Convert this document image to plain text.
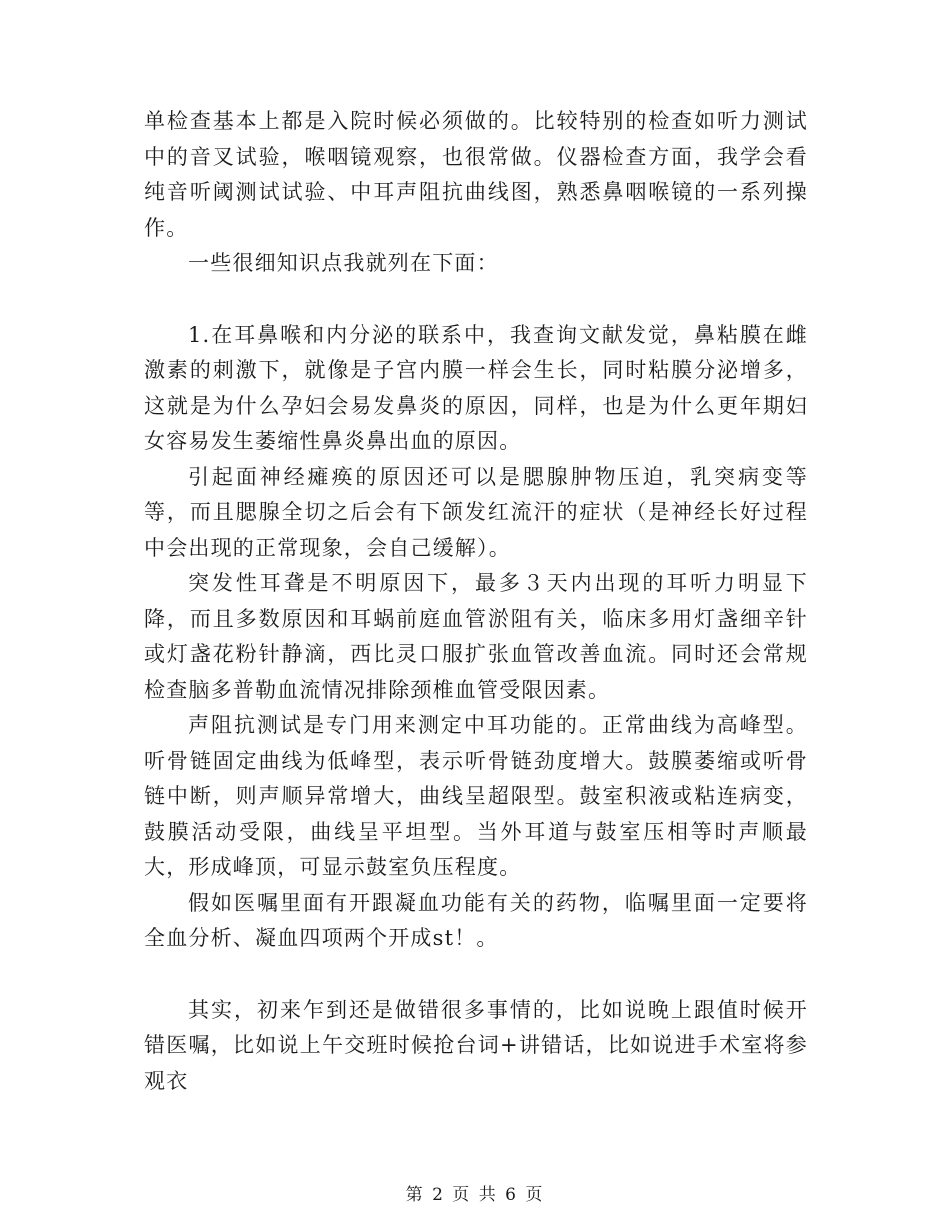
单检查基本上都是入院时候必须做的。比较特别的检查如听力测试中的音叉试验，喉咽镜观察，也很常做。仪器检查方面，我学会看纯音听阈测试试验、中耳声阻抗曲线图，熟悉鼻咽喉镜的一系列操作。

一些很细知识点我就列在下面：

1.在耳鼻喉和内分泌的联系中，我查询文献发觉，鼻粘膜在雌激素的刺激下，就像是子宫内膜一样会生长，同时粘膜分泌增多，这就是为什么孕妇会易发鼻炎的原因，同样，也是为什么更年期妇女容易发生萎缩性鼻炎鼻出血的原因。

引起面神经瘫痪的原因还可以是腮腺肿物压迫，乳突病变等等，而且腮腺全切之后会有下颌发红流汗的症状（是神经长好过程中会出现的正常现象，会自己缓解）。

突发性耳聋是不明原因下，最多３天内出现的耳听力明显下降，而且多数原因和耳蜗前庭血管淤阻有关，临床多用灯盏细辛针或灯盏花粉针静滴，西比灵口服扩张血管改善血流。同时还会常规检查脑多普勒血流情况排除颈椎血管受限因素。

声阻抗测试是专门用来测定中耳功能的。正常曲线为高峰型。听骨链固定曲线为低峰型，表示听骨链劲度增大。鼓膜萎缩或听骨链中断，则声顺异常增大，曲线呈超限型。鼓室积液或粘连病变，鼓膜活动受限，曲线呈平坦型。当外耳道与鼓室压相等时声顺最大，形成峰顶，可显示鼓室负压程度。

假如医嘱里面有开跟凝血功能有关的药物，临嘱里面一定要将全血分析、凝血四项两个开成st！。

其实，初来乍到还是做错很多事情的，比如说晚上跟值时候开错医嘱，比如说上午交班时候抢台词+讲错话，比如说进手术室将参观衣

第 2 页 共 6 页
